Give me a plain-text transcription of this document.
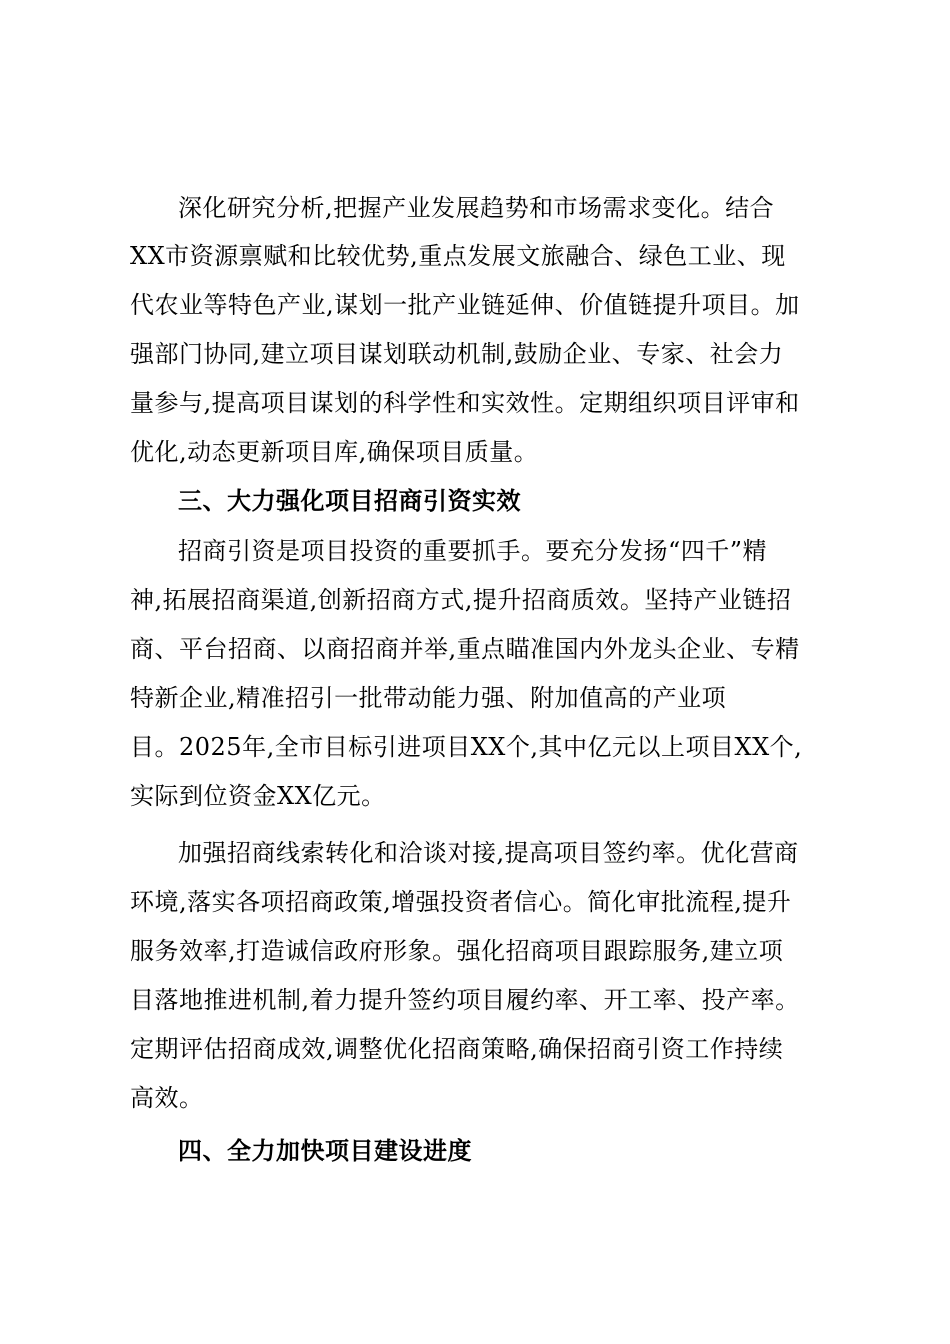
深化研究分析,把握产业发展趋势和市场需求变化。结合
XX市资源禀赋和比较优势,重点发展文旅融合、绿色工业、现
代农业等特色产业,谋划一批产业链延伸、价值链提升项目。加
强部门协同,建立项目谋划联动机制,鼓励企业、专家、社会力
量参与,提高项目谋划的科学性和实效性。定期组织项目评审和
优化,动态更新项目库,确保项目质量。
三、大力强化项目招商引资实效
招商引资是项目投资的重要抓手。要充分发扬“四千”精
神,拓展招商渠道,创新招商方式,提升招商质效。坚持产业链招
商、平台招商、以商招商并举,重点瞄准国内外龙头企业、专精
特新企业,精准招引一批带动能力强、附加值高的产业项
目。2025年,全市目标引进项目XX个,其中亿元以上项目XX个,
实际到位资金XX亿元。
加强招商线索转化和洽谈对接,提高项目签约率。优化营商
环境,落实各项招商政策,增强投资者信心。简化审批流程,提升
服务效率,打造诚信政府形象。强化招商项目跟踪服务,建立项
目落地推进机制,着力提升签约项目履约率、开工率、投产率。
定期评估招商成效,调整优化招商策略,确保招商引资工作持续
高效。
四、全力加快项目建设进度
